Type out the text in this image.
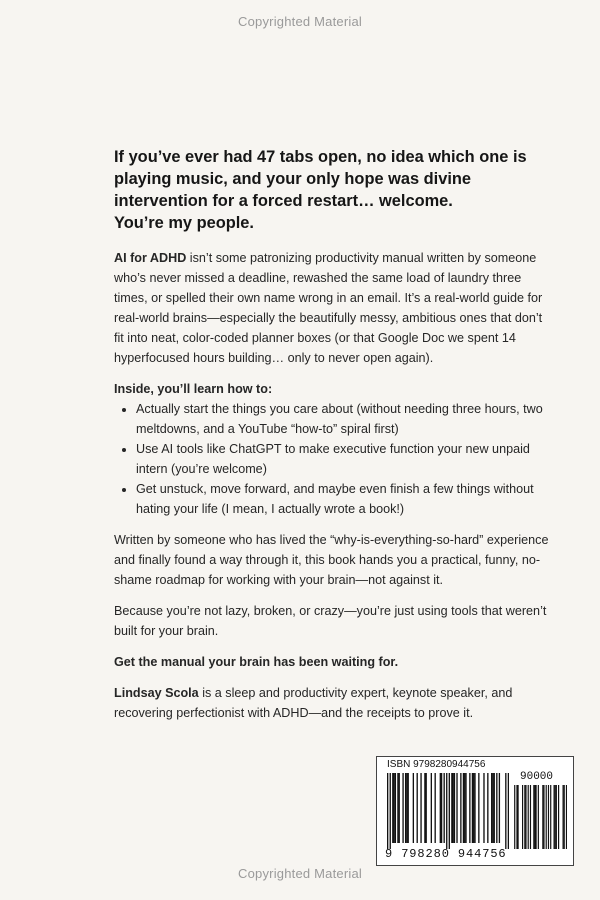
Copyrighted Material
If you’ve ever had 47 tabs open, no idea which one is
playing music, and your only hope was divine
intervention for a forced restart… welcome.
You’re my people.

AI for ADHD isn’t some patronizing productivity manual written by someone who’s never missed a deadline, rewashed the same load of laundry three times, or spelled their own name wrong in an email. It’s a real-world guide for real-world brains—especially the beautifully messy, ambitious ones that don’t fit into neat, color-coded planner boxes (or that Google Doc we spent 14 hyperfocused hours building… only to never open again).

Inside, you’ll learn how to:

• Actually start the things you care about (without needing three hours, two meltdowns, and a YouTube “how-to” spiral first)
• Use AI tools like ChatGPT to make executive function your new unpaid intern (you’re welcome)
• Get unstuck, move forward, and maybe even finish a few things without hating your life (I mean, I actually wrote a book!)

Written by someone who has lived the “why-is-everything-so-hard” experience and finally found a way through it, this book hands you a practical, funny, no-shame roadmap for working with your brain—not against it.

Because you’re not lazy, broken, or crazy—you’re just using tools that weren’t built for your brain.

Get the manual your brain has been waiting for.

Lindsay Scola is a sleep and productivity expert, keynote speaker, and recovering perfectionist with ADHD—and the receipts to prove it.

ISBN 9798280944756
90000
9 798280 944756
Copyrighted Material
